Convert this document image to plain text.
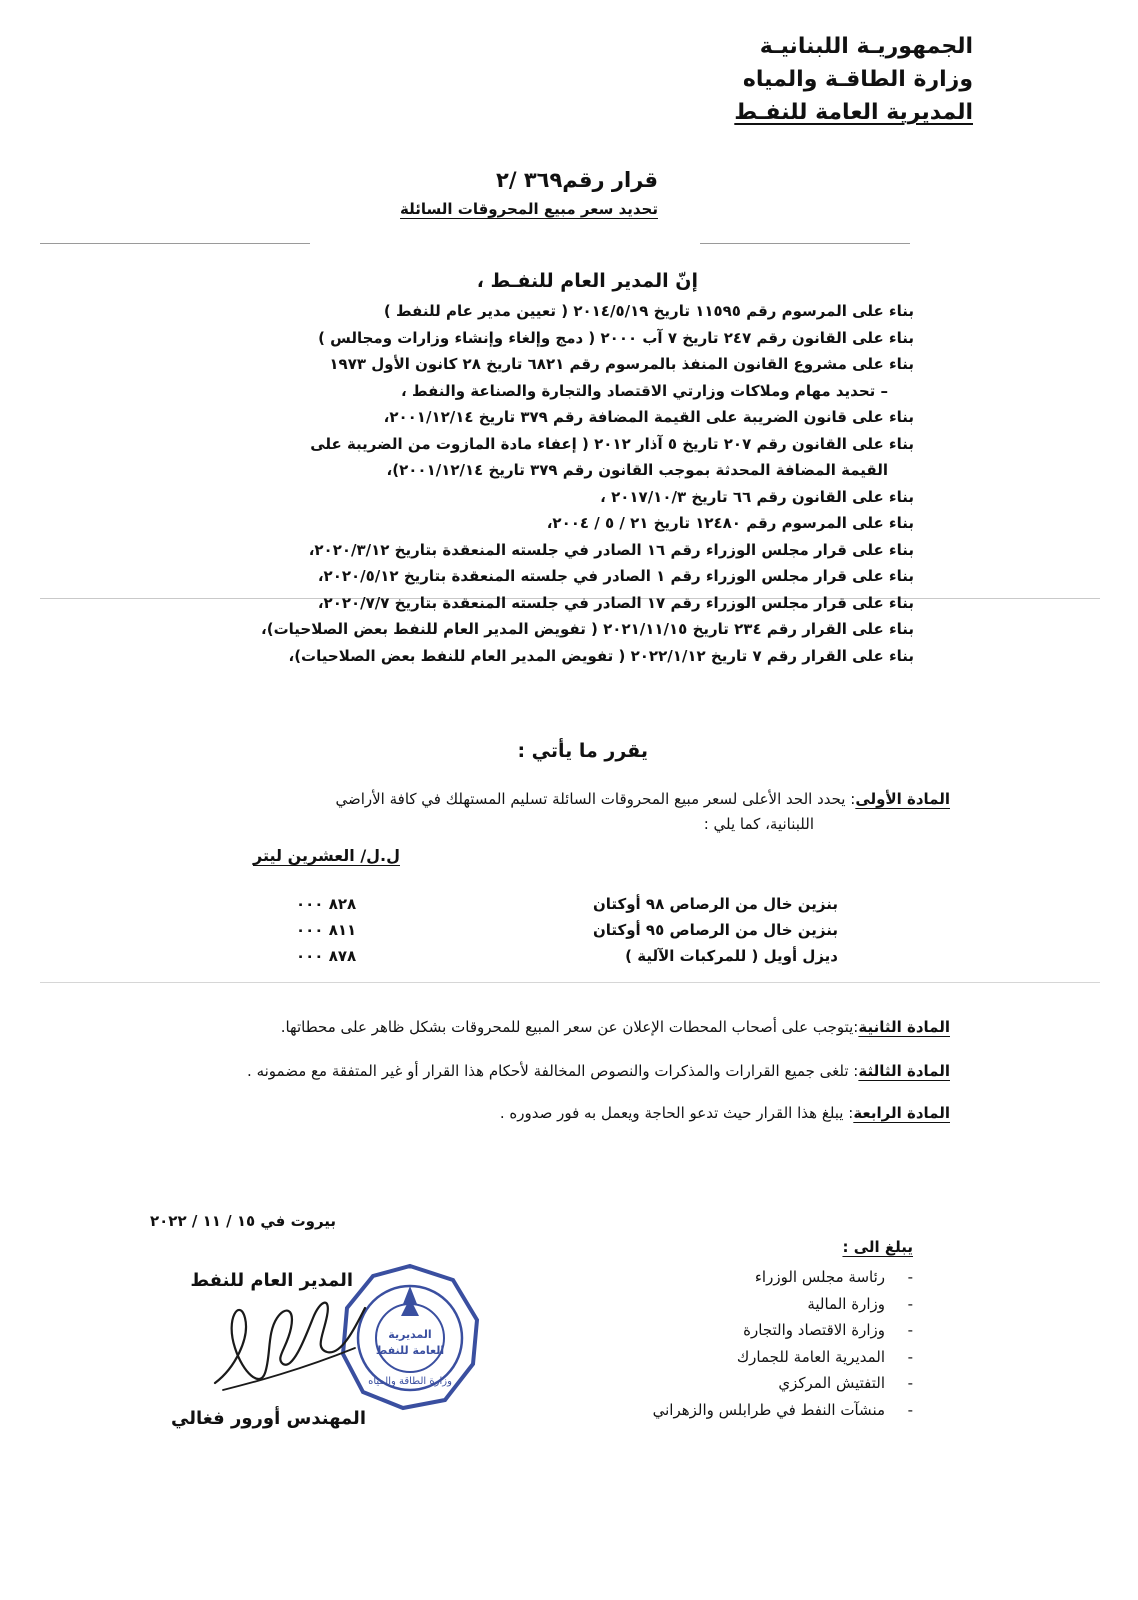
الجمهوريـة اللبنانيـة
وزارة الطاقـة والمياه
المديرية العامة للنفـط
قرار رقم٣٦٩ /٢
تحديد سعر مبيع المحروقات السائلة
إنّ المدير العام للنفـط ،
بناء على المرسوم رقم ١١٥٩٥ تاريخ ٢٠١٤/٥/١٩ ( تعيين مدير عام للنفط )
بناء على القانون رقم ٢٤٧ تاريخ ٧ آب ٢٠٠٠ ( دمج وإلغاء وإنشاء وزارات ومجالس )
بناء على مشروع القانون المنفذ بالمرسوم رقم ٦٨٢١ تاريخ ٢٨ كانون الأول ١٩٧٣
– تحديد مهام وملاكات وزارتي الاقتصاد والتجارة والصناعة والنفط ،
بناء على قانون الضريبة على القيمة المضافة رقم ٣٧٩ تاريخ ٢٠٠١/١٢/١٤،
بناء على القانون رقم ٢٠٧ تاريخ ٥ آذار ٢٠١٢ ( إعفاء مادة المازوت من الضريبة على
القيمة المضافة المحدثة بموجب القانون رقم ٣٧٩ تاريخ ٢٠٠١/١٢/١٤)،
بناء على القانون رقم ٦٦ تاريخ ٢٠١٧/١٠/٣ ،
بناء على المرسوم رقم ١٢٤٨٠ تاريخ ٢١ / ٥ / ٢٠٠٤،
بناء على قرار مجلس الوزراء رقم ١٦ الصادر في جلسته المنعقدة بتاريخ ٢٠٢٠/٣/١٢،
بناء على قرار مجلس الوزراء رقم ١ الصادر في جلسته المنعقدة بتاريخ ٢٠٢٠/٥/١٢،
بناء على قرار مجلس الوزراء رقم ١٧ الصادر في جلسته المنعقدة بتاريخ ٢٠٢٠/٧/٧،
بناء على القرار رقم ٢٣٤ تاريخ ٢٠٢١/١١/١٥ ( تفويض المدير العام للنفط بعض الصلاحيات)،
بناء على القرار رقم ٧ تاريخ ٢٠٢٢/١/١٢ ( تفويض المدير العام للنفط بعض الصلاحيات)،
يقرر ما يأتي :
المادة الأولى: يحدد الحد الأعلى لسعر مبيع المحروقات السائلة تسليم المستهلك في كافة الأراضي
اللبنانية، كما يلي :
ل.ل/ العشرين ليتر
بنزين خال من الرصاص ٩٨ أوكتان
٨٢٨ ٠٠٠
بنزين خال من الرصاص ٩٥ أوكتان
٨١١ ٠٠٠
ديزل أويل ( للمركبات الآلية )
٨٧٨ ٠٠٠
المادة الثانية:يتوجب على أصحاب المحطات الإعلان عن سعر المبيع للمحروقات بشكل ظاهر على محطاتها.
المادة الثالثة: تلغى جميع القرارات والمذكرات والنصوص المخالفة لأحكام هذا القرار أو غير المتفقة مع مضمونه .
المادة الرابعة: يبلغ هذا القرار حيث تدعو الحاجة ويعمل به فور صدوره .
بيروت في ١٥ / ١١ / ٢٠٢٢
يبلغ الى :
-رئاسة مجلس الوزراء
-وزارة المالية
-وزارة الاقتصاد والتجارة
-المديرية العامة للجمارك
-التفتيش المركزي
-منشآت النفط في طرابلس والزهراني
المدير العام للنفط
المديرية
العامة للنفط
وزارة الطاقة والمياه
المهندس أورور فغالي
